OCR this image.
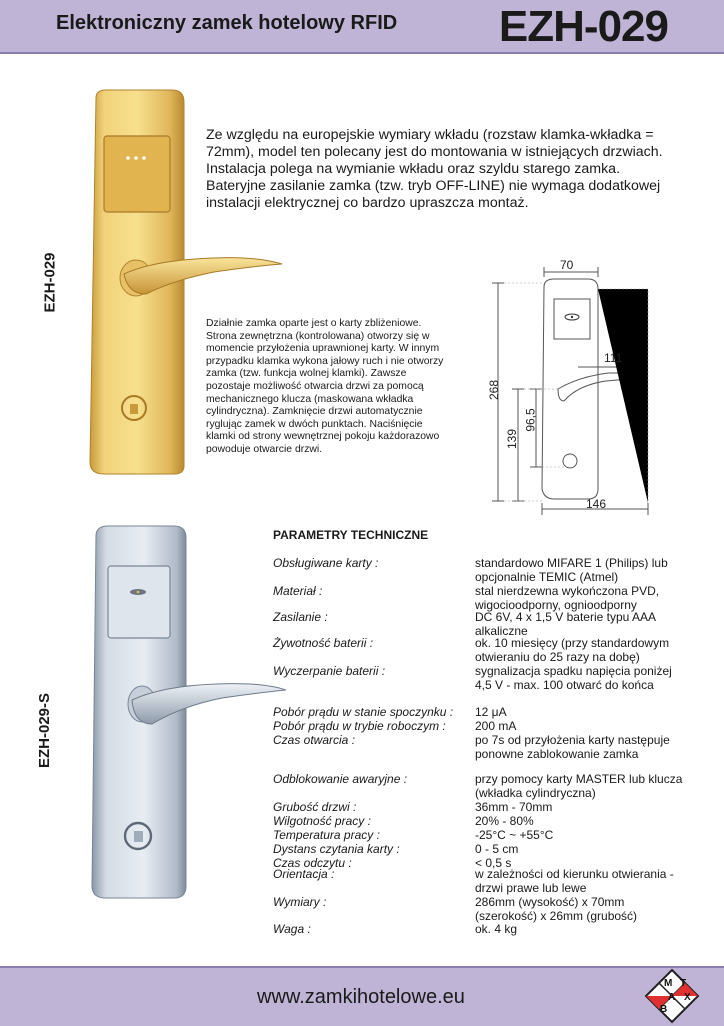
Elektroniczny zamek hotelowy RFID EZH-029
EZH-029
Ze względu na europejskie wymiary wkładu (rozstaw klamka-wkładka = 72mm), model ten polecany jest do montowania w istniejących drzwiach. Instalacja polega na wymianie wkładu oraz szyldu starego zamka. Bateryjne zasilanie zamka (tzw. tryb OFF-LINE) nie wymaga dodatkowej instalacji elektrycznej co bardzo upraszcza montaż.
Działnie zamka oparte jest o karty zbliżeniowe. Strona zewnętrzna (kontrolowana) otworzy się w momencie przyłożenia uprawnionej karty. W innym przypadku klamka wykona jałowy ruch i nie otworzy zamka (tzw. funkcja wolnej klamki). Zawsze pozostaje możliwość otwarcia drzwi za pomocą mechanicznego klucza (maskowana wkładka cylindryczna). Zamknięcie drzwi automatycznie ryglując zamek w dwóch punktach. Naciśnięcie klamki od strony wewnętrznej pokoju każdorazowo powoduje otwarcie drzwi.
70
111
268
96,5
139
146
EZH-029-S
PARAMETRY TECHNICZNE
Obsługiwane karty :	standardowo MIFARE 1 (Philips) lub opcjonalnie TEMIC (Atmel)
Materiał :	stal nierdzewna wykończona PVD, wigocioodporny, ognioodporny
Zasilanie :	DC 6V, 4 x 1,5 V baterie typu AAA alkaliczne
Żywotność baterii :	ok. 10 miesięcy (przy standardowym otwieraniu do 25 razy na dobę)
Wyczerpanie baterii :	sygnalizacja spadku napięcia poniżej 4,5 V - max. 100 otwarć do końca
Pobór prądu w stanie spoczynku :	12 μA
Pobór prądu w trybie roboczym :	200 mA
Czas otwarcia :	po 7s od przyłożenia karty następuje ponowne zablokowanie zamka
Odblokowanie awaryjne :	przy pomocy karty MASTER lub klucza (wkładka cylindryczna)
Grubość drzwi :	36mm - 70mm
Wilgotność pracy :	20% - 80%
Temperatura pracy :	-25°C ~ +55°C
Dystans czytania karty :	0 - 5 cm
Czas odczytu :	< 0,5 s
Orientacja :	w zależności od kierunku otwierania - drzwi prawe lub lewe
Wymiary :	286mm (wysokość) x 70mm (szerokość) x 26mm (grubość)
Waga :	ok. 4 kg
www.zamkihotelowe.eu
M T
B
A X
